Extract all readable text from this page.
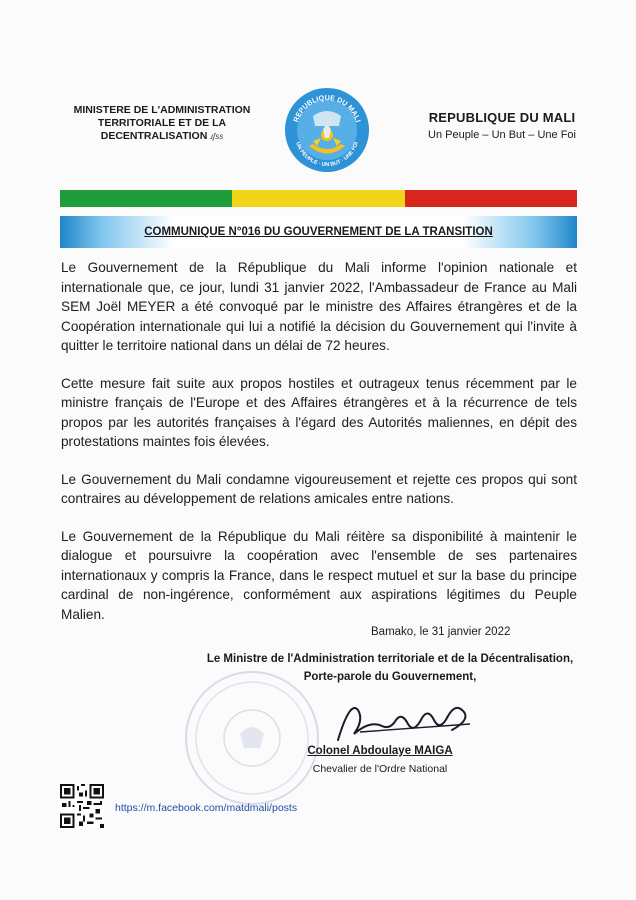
MINISTERE DE L'ADMINISTRATION
TERRITORIALE ET DE LA
DECENTRALISATION ɹʃss
REPUBLIQUE DU MALI
UN PEUPLE · UN BUT · UNE FOI
REPUBLIQUE DU MALI
Un Peuple – Un But – Une Foi
COMMUNIQUE N°016 DU GOUVERNEMENT DE LA TRANSITION

Le Gouvernement de la République du Mali informe l'opinion nationale et internationale que, ce jour, lundi 31 janvier 2022, l'Ambassadeur de France au Mali SEM Joël MEYER a été convoqué par le ministre des Affaires étrangères et de la Coopération internationale qui lui a notifié la décision du Gouvernement qui l'invite à quitter le territoire national dans un délai de 72 heures.

Cette mesure fait suite aux propos hostiles et outrageux tenus récemment par le ministre français de l'Europe et des Affaires étrangères et à la récurrence de tels propos par les autorités françaises à l'égard des Autorités maliennes, en dépit des protestations maintes fois élevées.

Le Gouvernement du Mali condamne vigoureusement et rejette ces propos qui sont contraires au développement de relations amicales entre nations.

Le Gouvernement de la République du Mali réitère sa disponibilité à maintenir le dialogue et poursuivre la coopération avec l'ensemble de ses partenaires internationaux y compris la France, dans le respect mutuel et sur la base du principe cardinal de non-ingérence, conformément aux aspirations légitimes du Peuple Malien.

Bamako, le 31 janvier 2022
Le Ministre de l'Administration territoriale et de la Décentralisation,
Porte-parole du Gouvernement,
Colonel Abdoulaye MAIGA
Chevalier de l'Ordre National
https://m.facebook.com/matdmali/posts
